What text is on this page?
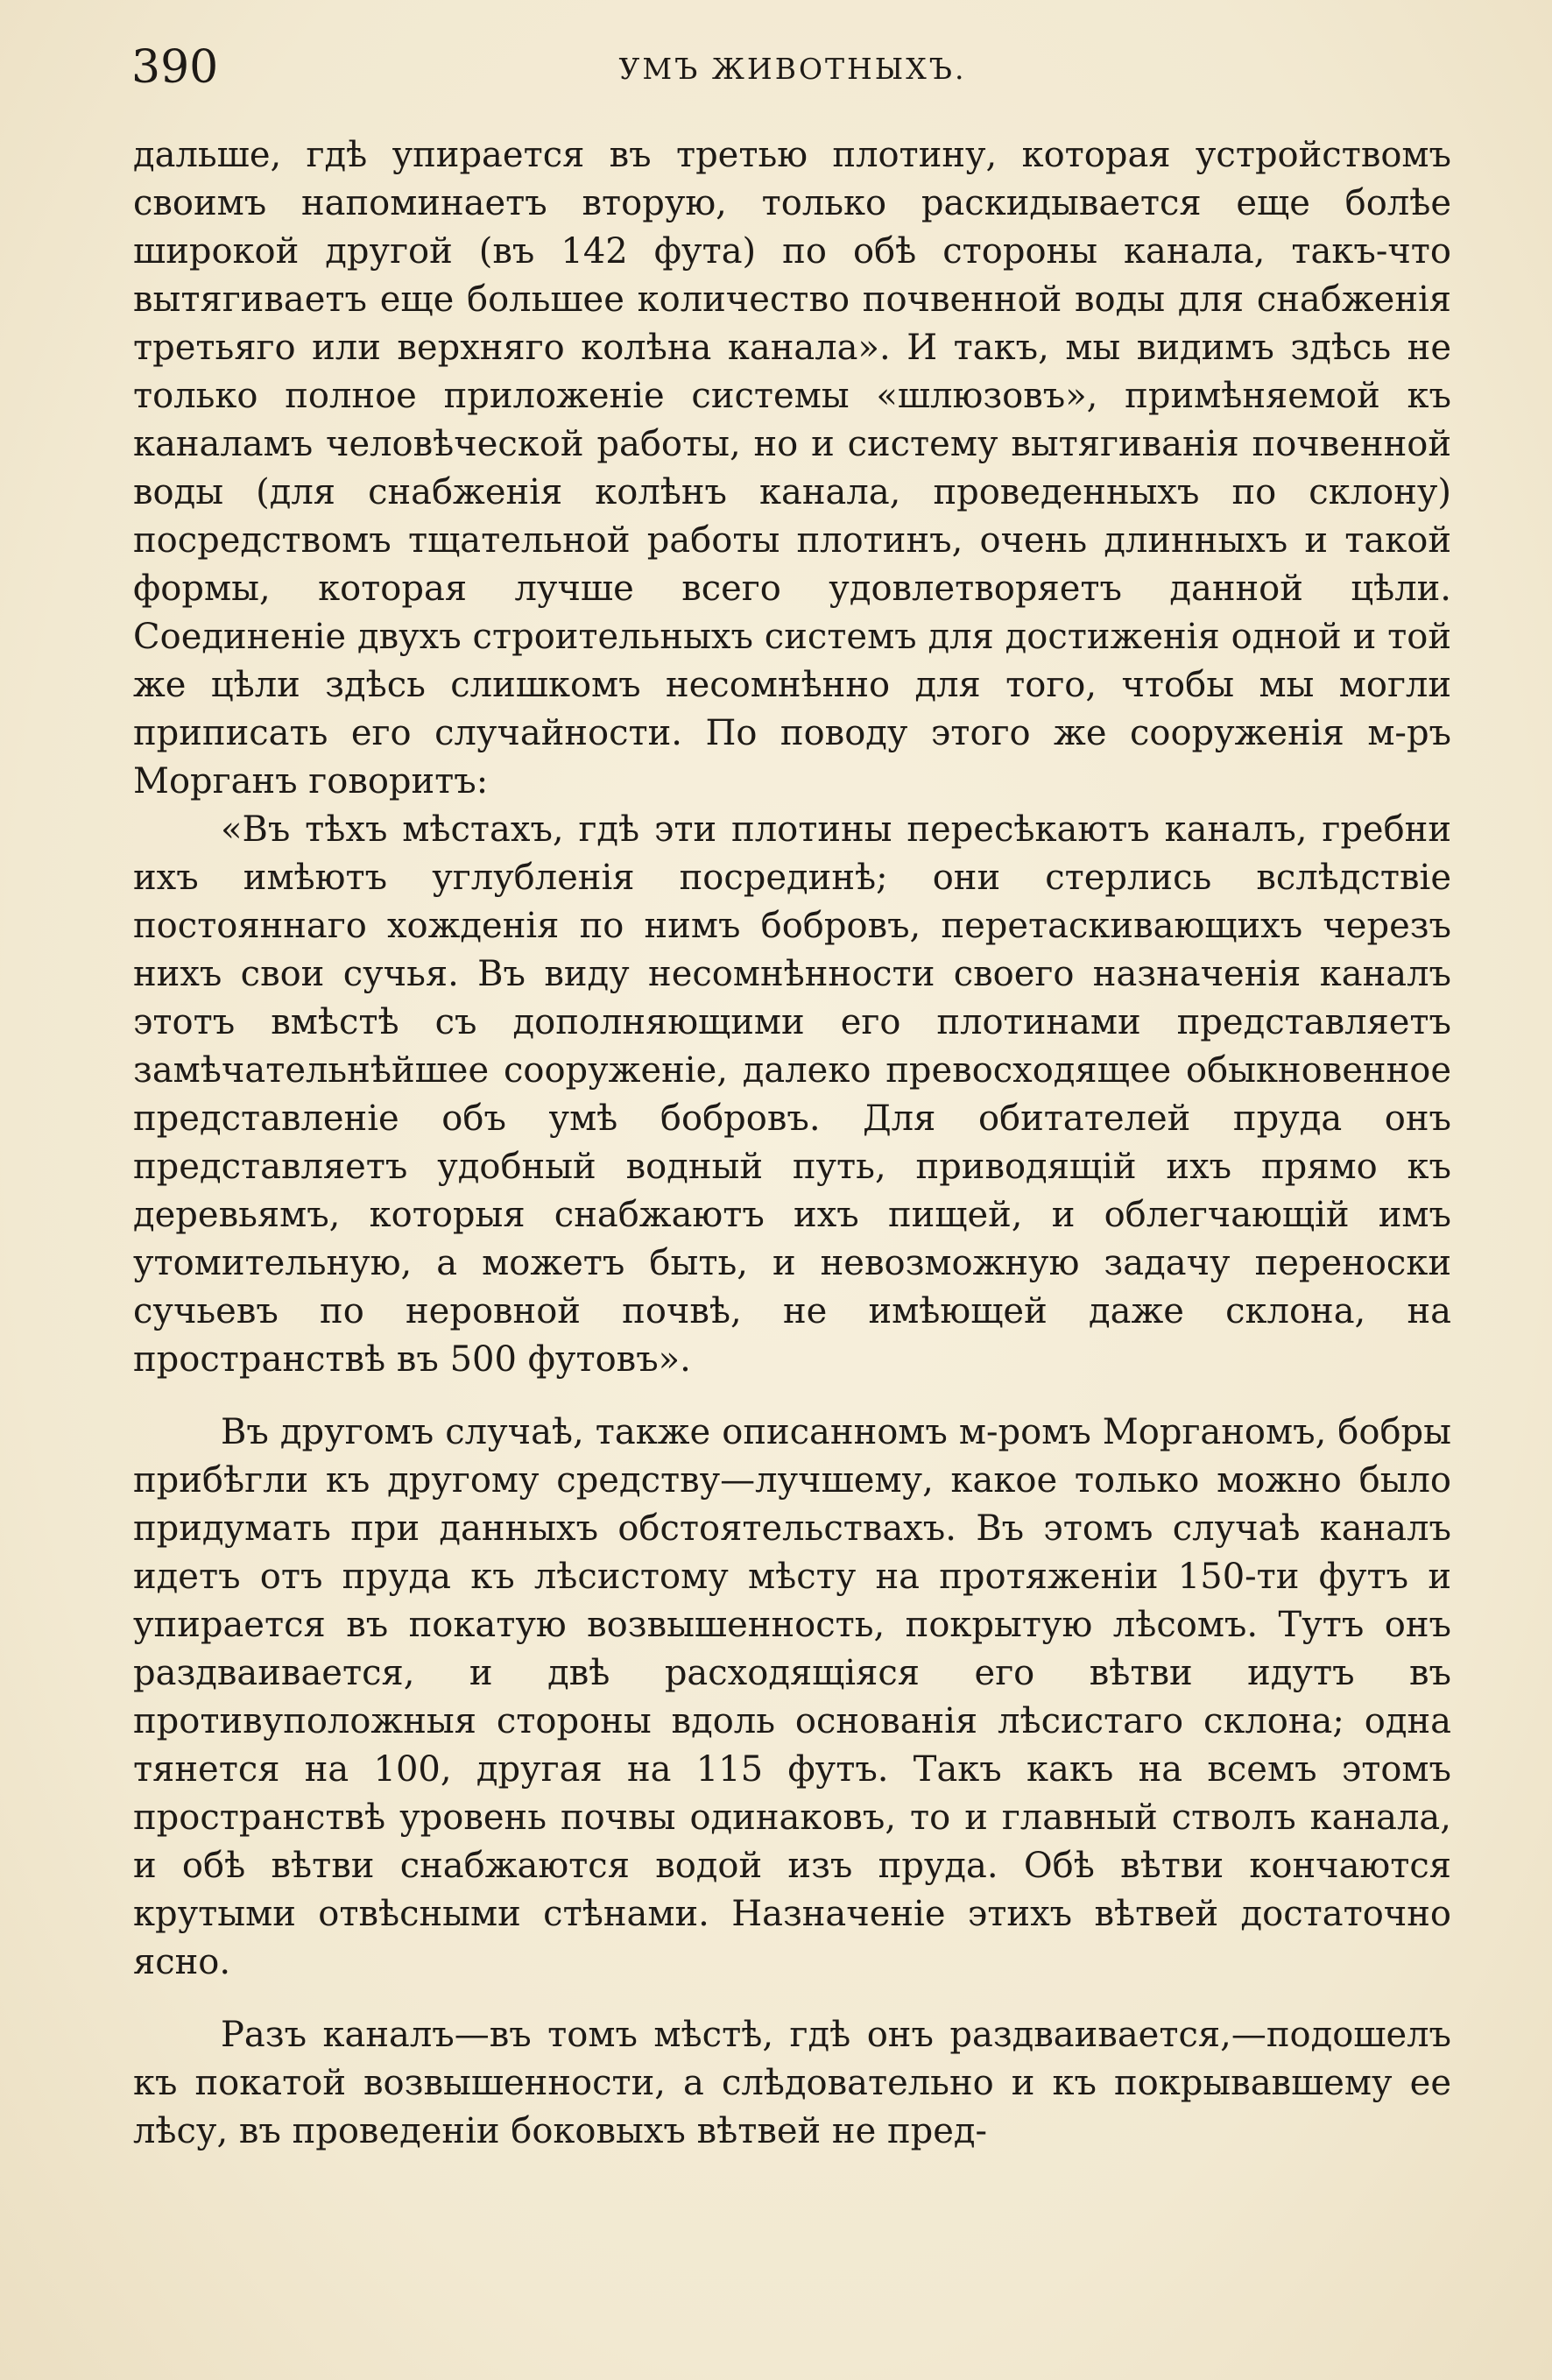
390	УМЪ ЖИВОТНЫХЪ.

дальше, гдѣ упирается въ третью плотину, которая устройствомъ своимъ напоминаетъ вторую, только раскидывается еще болѣе широкой другой (въ 142 фута) по обѣ стороны канала, такъ-что вытягиваетъ еще большее количество почвенной воды для снабженія третьяго или верхняго колѣна канала». И такъ, мы видимъ здѣсь не только полное приложеніе системы «шлюзовъ», примѣняемой къ каналамъ человѣческой работы, но и систему вытягиванія почвенной воды (для снабженія колѣнъ канала, проведенныхъ по склону) посредствомъ тщательной работы плотинъ, очень длинныхъ и такой формы, которая лучше всего удовлетворяетъ данной цѣли. Соединеніе двухъ строительныхъ системъ для достиженія одной и той же цѣли здѣсь слишкомъ несомнѣнно для того, чтобы мы могли приписать его случайности. По поводу этого же сооруженія м-ръ Морганъ говоритъ:

«Въ тѣхъ мѣстахъ, гдѣ эти плотины пересѣкаютъ каналъ, гребни ихъ имѣютъ углубленія посрединѣ; они стерлись вслѣдствіе постояннаго хожденія по нимъ бобровъ, перетаскивающихъ черезъ нихъ свои сучья. Въ виду несомнѣнности своего назначенія каналъ этотъ вмѣстѣ съ дополняющими его плотинами представляетъ замѣчательнѣйшее сооруженіе, далеко превосходящее обыкновенное представленіе объ умѣ бобровъ. Для обитателей пруда онъ представляетъ удобный водный путь, приводящій ихъ прямо къ деревьямъ, которыя снабжаютъ ихъ пищей, и облегчающій имъ утомительную, а можетъ быть, и невозможную задачу переноски сучьевъ по неровной почвѣ, не имѣющей даже склона, на пространствѣ въ 500 футовъ».

Въ другомъ случаѣ, также описанномъ м-ромъ Морганомъ, бобры прибѣгли къ другому средству—лучшему, какое только можно было придумать при данныхъ обстоятельствахъ. Въ этомъ случаѣ каналъ идетъ отъ пруда къ лѣсистому мѣсту на протяженіи 150-ти футъ и упирается въ покатую возвышенность, покрытую лѣсомъ. Тутъ онъ раздваивается, и двѣ расходящіяся его вѣтви идутъ въ противуположныя стороны вдоль основанія лѣсистаго склона; одна тянется на 100, другая на 115 футъ. Такъ какъ на всемъ этомъ пространствѣ уровень почвы одинаковъ, то и главный стволъ канала, и обѣ вѣтви снабжаются водой изъ пруда. Обѣ вѣтви кончаются крутыми отвѣсными стѣнами. Назначеніе этихъ вѣтвей достаточно ясно.

Разъ каналъ—въ томъ мѣстѣ, гдѣ онъ раздваивается,—подошелъ къ покатой возвышенности, а слѣдовательно и къ покрывавшему ее лѣсу, въ проведеніи боковыхъ вѣтвей не пред-
